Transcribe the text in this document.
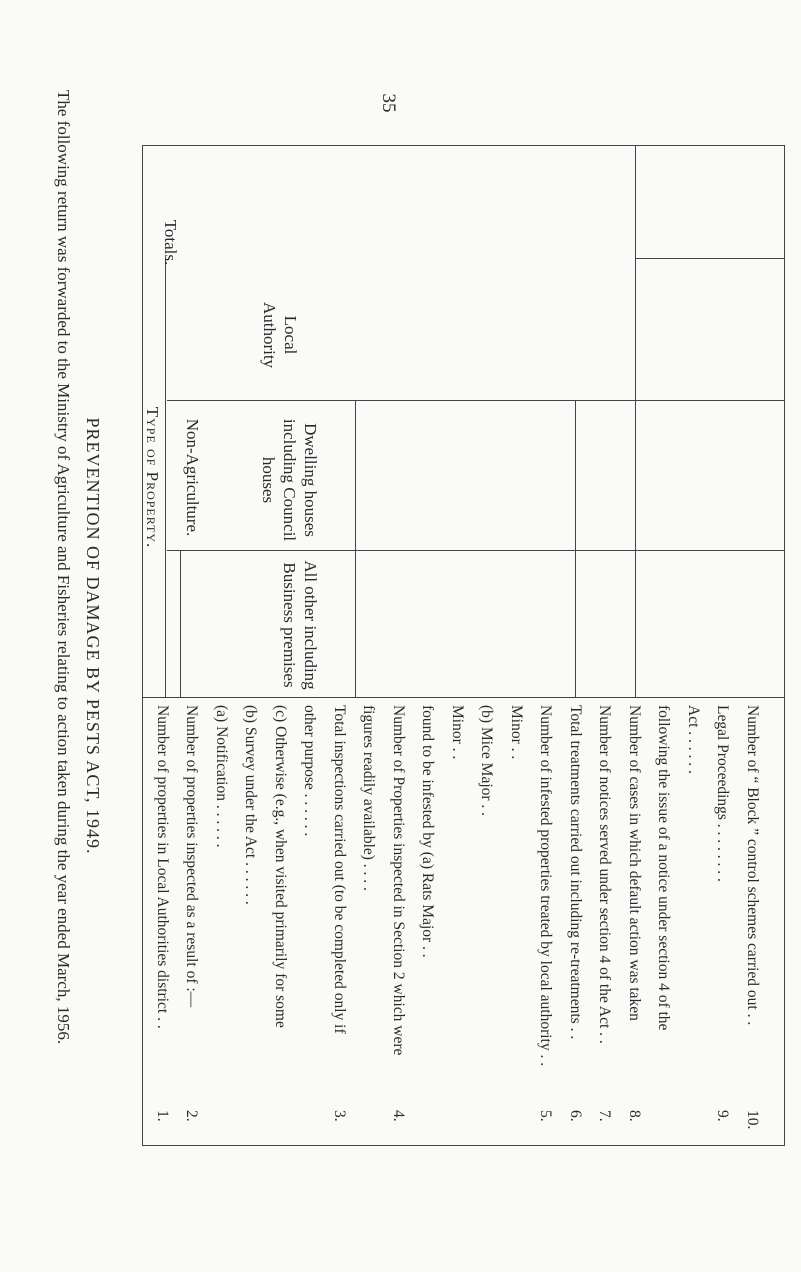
35
PREVENTION OF DAMAGE BY PESTS ACT, 1949.
The following return was forwarded to the Ministry of Agriculture and Fisheries relating to action taken during the year ended March, 1956.	Type of Property. Non-Agriculture.
Local Authority
Dwelling houses including Council houses
All other including Business premises
Totals.
1.
Number of properties in Local Authorities district . .
2.
Number of properties inspected as a result of :— (a) Notification . . . . . . (b) Survey under the Act . . . . . . (c) Otherwise (e.g., when visited primarily for some other purpose . . . . . .
3.
Total inspections carried out (to be completed only if figures readily available) . . . .
4.
Number of Properties inspected in Section 2 which were found to be infested by (a) Rats Major . . Minor . . (b) Mice Major . . Minor . .
5.
Number of infested properties treated by local authority . .
6.
Total treatments carried out including re-treatments . .
7.
Number of notices served under section 4 of the Act . .
8.
Number of cases in which default action was taken following the issue of a notice under section 4 of the Act . . . . . .
9.
Legal Proceedings . . . . . . . .
10.
Number of “ Block ” control schemes carried out . .
